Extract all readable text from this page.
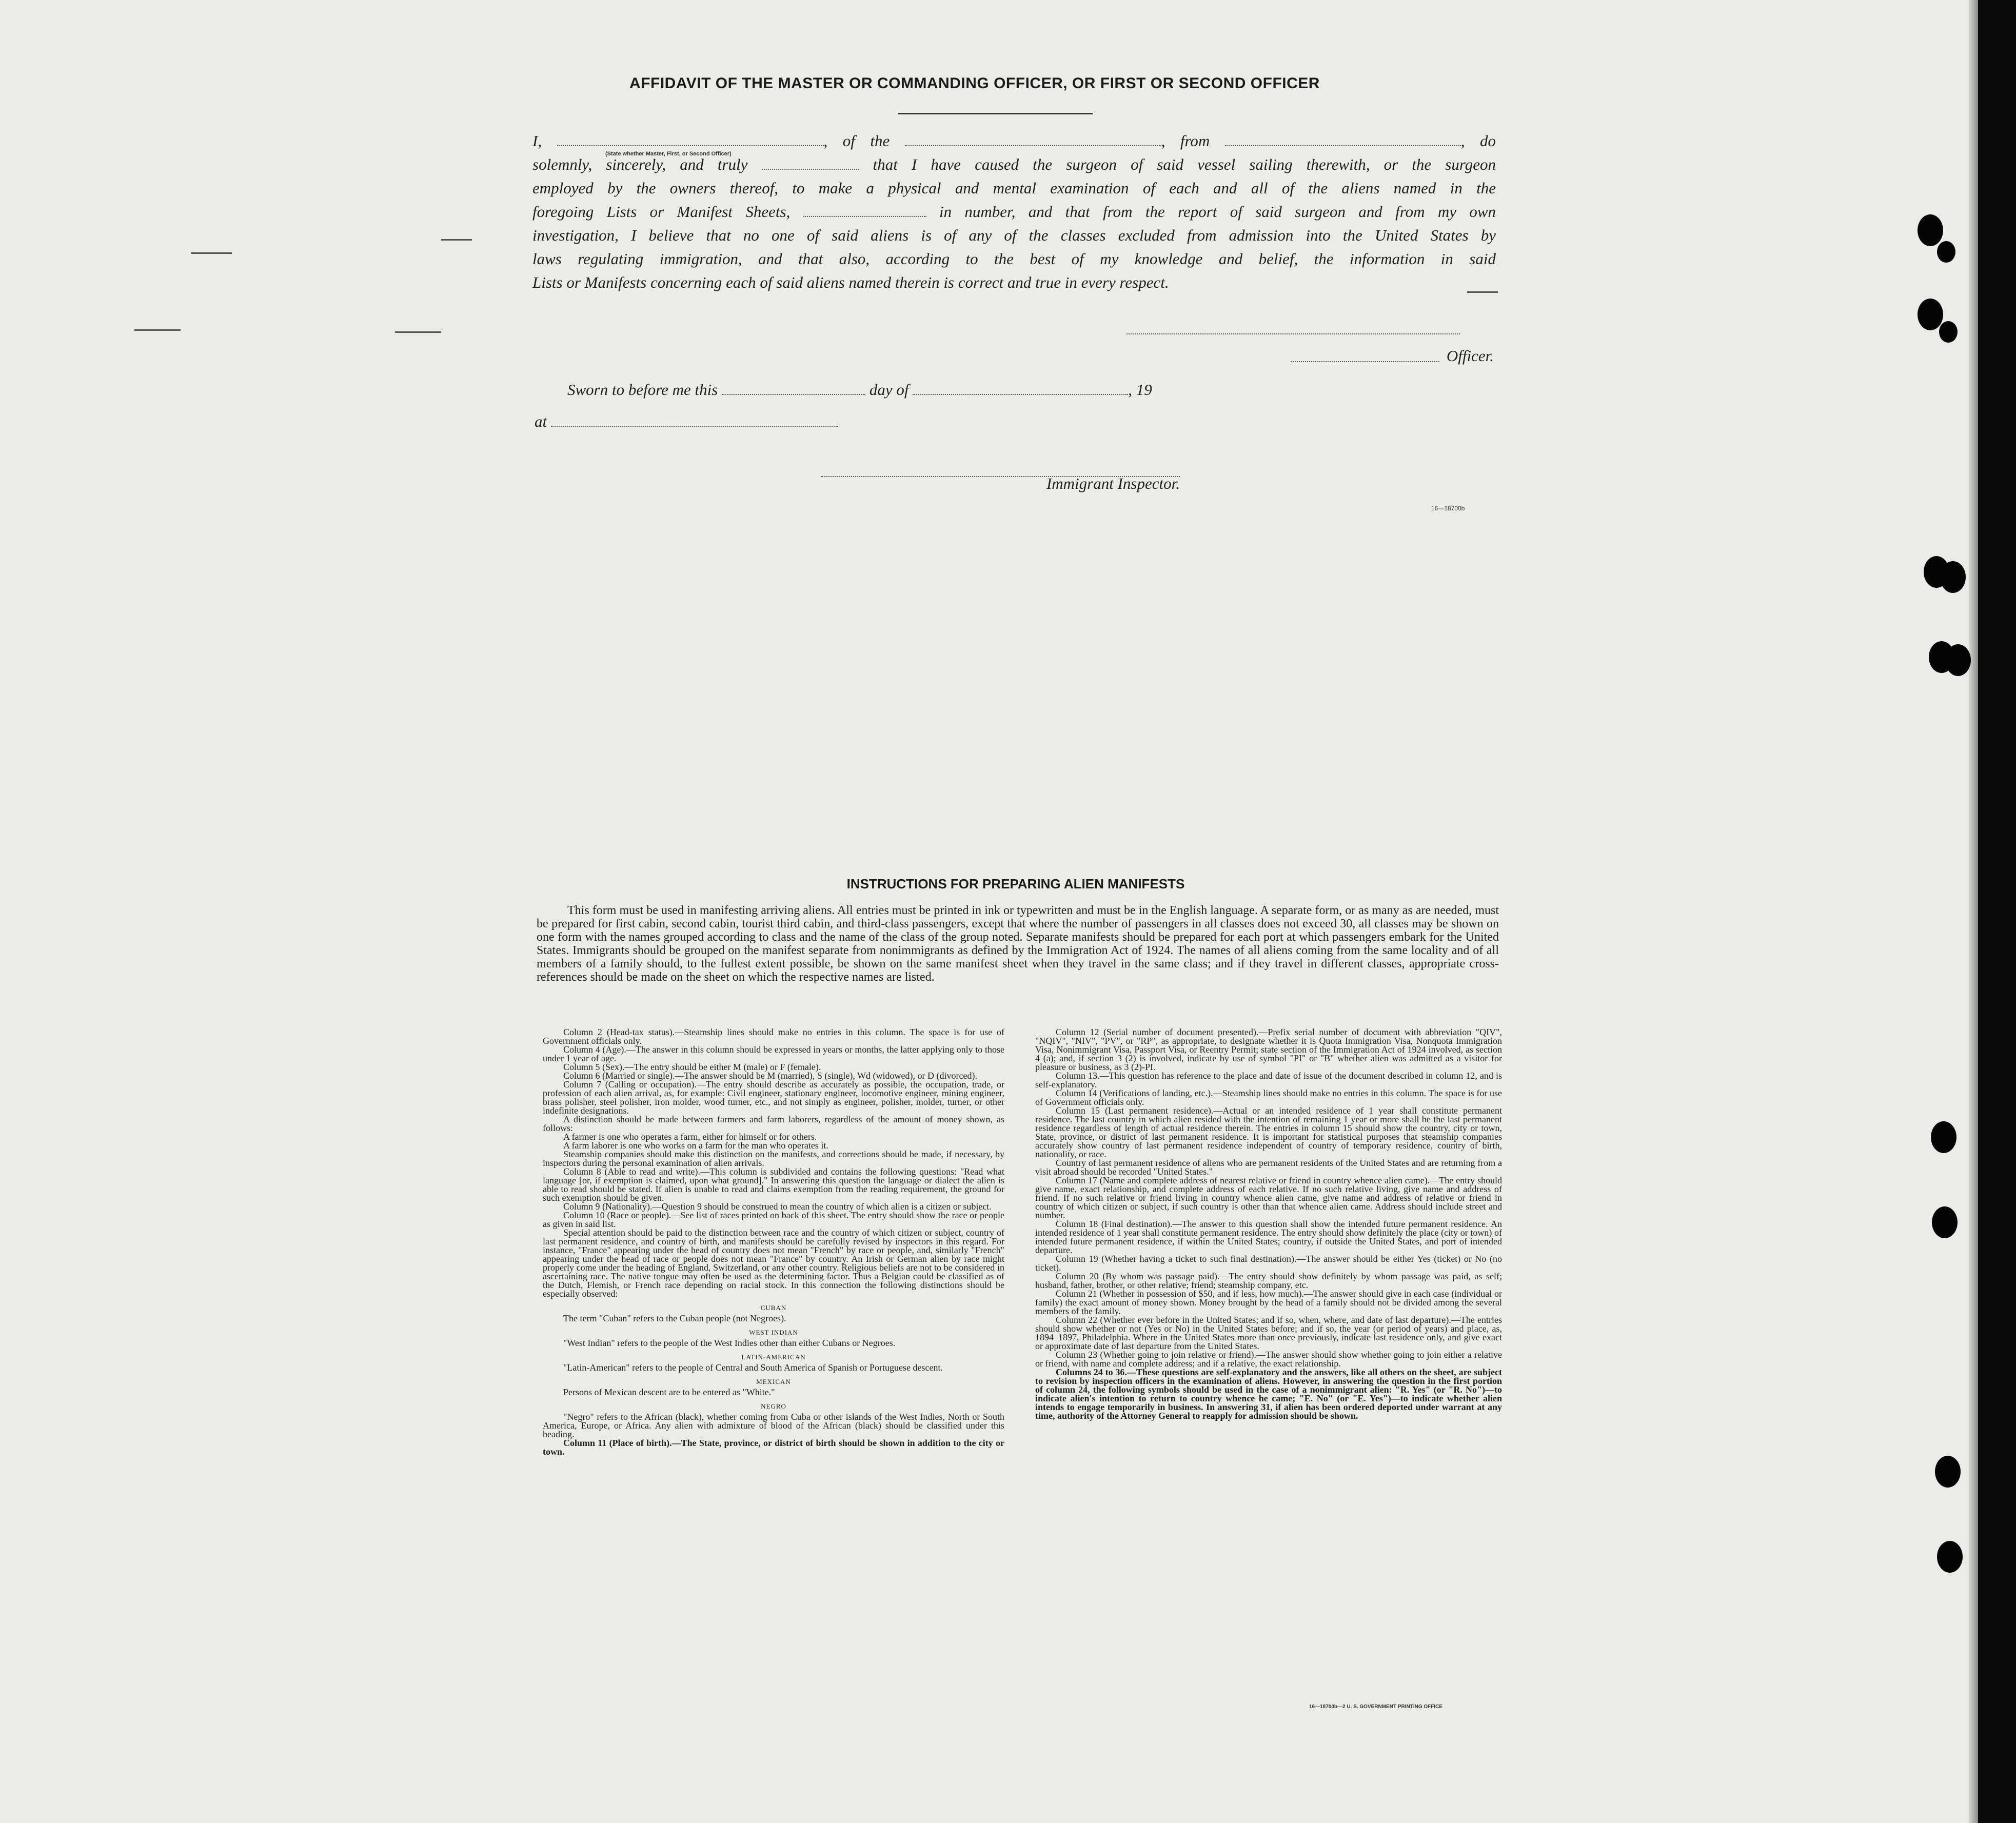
AFFIDAVIT OF THE MASTER OR COMMANDING OFFICER, OR FIRST OR SECOND OFFICER
I,	, of the	, from	, do
solemnly, sincerely, and truly	that I have caused the surgeon of said vessel sailing therewith, or the surgeon
employed by the owners thereof, to make a physical and mental examination of each and all of the aliens named in the
foregoing Lists or Manifest Sheets,	in number, and that from the report of said surgeon and from my own
investigation, I believe that no one of said aliens is of any of the classes excluded from admission into the United States by
laws regulating immigration, and that also, according to the best of my knowledge and belief, the information in said
Lists or Manifests concerning each of said aliens named therein is correct and true in every respect.
(State whether Master, First, or Second Officer)
Officer.
Sworn to before me this	day of	, 19
at
Immigrant Inspector.
16—18700b
INSTRUCTIONS FOR PREPARING ALIEN MANIFESTS
This form must be used in manifesting arriving aliens. All entries must be printed in ink or typewritten and must be in the English language. A separate form, or as many as are needed, must be prepared for first cabin, second cabin, tourist third cabin, and third-class passengers, except that where the number of passengers in all classes does not exceed 30, all classes may be shown on one form with the names grouped according to class and the name of the class of the group noted. Separate manifests should be prepared for each port at which passengers embark for the United States. Immigrants should be grouped on the manifest separate from nonimmigrants as defined by the Immigration Act of 1924. The names of all aliens coming from the same locality and of all members of a family should, to the fullest extent possible, be shown on the same manifest sheet when they travel in the same class; and if they travel in different classes, appropriate cross-references should be made on the sheet on which the respective names are listed.

Column 2 (Head-tax status).—Steamship lines should make no entries in this column. The space is for use of Government officials only.

Column 4 (Age).—The answer in this column should be expressed in years or months, the latter applying only to those under 1 year of age.

Column 5 (Sex).—The entry should be either M (male) or F (female).

Column 6 (Married or single).—The answer should be M (married), S (single), Wd (widowed), or D (divorced).

Column 7 (Calling or occupation).—The entry should describe as accurately as possible, the occupation, trade, or profession of each alien arrival, as, for example: Civil engineer, stationary engineer, locomotive engineer, mining engineer, brass polisher, steel polisher, iron molder, wood turner, etc., and not simply as engineer, polisher, molder, turner, or other indefinite designations.

A distinction should be made between farmers and farm laborers, regardless of the amount of money shown, as follows:

A farmer is one who operates a farm, either for himself or for others.

A farm laborer is one who works on a farm for the man who operates it.

Steamship companies should make this distinction on the manifests, and corrections should be made, if necessary, by inspectors during the personal examination of alien arrivals.

Column 8 (Able to read and write).—This column is subdivided and contains the following questions: "Read what language [or, if exemption is claimed, upon what ground]." In answering this question the language or dialect the alien is able to read should be stated. If alien is unable to read and claims exemption from the reading requirement, the ground for such exemption should be given.

Column 9 (Nationality).—Question 9 should be construed to mean the country of which alien is a citizen or subject.

Column 10 (Race or people).—See list of races printed on back of this sheet. The entry should show the race or people as given in said list.

Special attention should be paid to the distinction between race and the country of which citizen or subject, country of last permanent residence, and country of birth, and manifests should be carefully revised by inspectors in this regard. For instance, "France" appearing under the head of country does not mean "French" by race or people, and, similarly "French" appearing under the head of race or people does not mean "France" by country. An Irish or German alien by race might properly come under the heading of England, Switzerland, or any other country. Religious beliefs are not to be considered in ascertaining race. The native tongue may often be used as the determining factor. Thus a Belgian could be classified as of the Dutch, Flemish, or French race depending on racial stock. In this connection the following distinctions should be especially observed:

CUBAN

The term "Cuban" refers to the Cuban people (not Negroes).

WEST INDIAN

"West Indian" refers to the people of the West Indies other than either Cubans or Negroes.

LATIN-AMERICAN

"Latin-American" refers to the people of Central and South America of Spanish or Portuguese descent.

MEXICAN

Persons of Mexican descent are to be entered as "White."

NEGRO

"Negro" refers to the African (black), whether coming from Cuba or other islands of the West Indies, North or South America, Europe, or Africa. Any alien with admixture of blood of the African (black) should be classified under this heading.

Column 11 (Place of birth).—The State, province, or district of birth should be shown in addition to the city or town.

Column 12 (Serial number of document presented).—Prefix serial number of document with abbreviation "QIV", "NQIV", "NIV", "PV", or "RP", as appropriate, to designate whether it is Quota Immigration Visa, Nonquota Immigration Visa, Nonimmigrant Visa, Passport Visa, or Reentry Permit; state section of the Immigration Act of 1924 involved, as section 4 (a); and, if section 3 (2) is involved, indicate by use of symbol "PI" or "B" whether alien was admitted as a visitor for pleasure or business, as 3 (2)-PI.

Column 13.—This question has reference to the place and date of issue of the document described in column 12, and is self-explanatory.

Column 14 (Verifications of landing, etc.).—Steamship lines should make no entries in this column. The space is for use of Government officials only.

Column 15 (Last permanent residence).—Actual or an intended residence of 1 year shall constitute permanent residence. The last country in which alien resided with the intention of remaining 1 year or more shall be the last permanent residence regardless of length of actual residence therein. The entries in column 15 should show the country, city or town, State, province, or district of last permanent residence. It is important for statistical purposes that steamship companies accurately show country of last permanent residence independent of country of temporary residence, country of birth, nationality, or race.

Country of last permanent residence of aliens who are permanent residents of the United States and are returning from a visit abroad should be recorded "United States."

Column 17 (Name and complete address of nearest relative or friend in country whence alien came).—The entry should give name, exact relationship, and complete address of each relative. If no such relative living, give name and address of friend. If no such relative or friend living in country whence alien came, give name and address of relative or friend in country of which citizen or subject, if such country is other than that whence alien came. Address should include street and number.

Column 18 (Final destination).—The answer to this question shall show the intended future permanent residence. An intended residence of 1 year shall constitute permanent residence. The entry should show definitely the place (city or town) of intended future permanent residence, if within the United States; country, if outside the United States, and port of intended departure.

Column 19 (Whether having a ticket to such final destination).—The answer should be either Yes (ticket) or No (no ticket).

Column 20 (By whom was passage paid).—The entry should show definitely by whom passage was paid, as self; husband, father, brother, or other relative; friend; steamship company, etc.

Column 21 (Whether in possession of $50, and if less, how much).—The answer should give in each case (individual or family) the exact amount of money shown. Money brought by the head of a family should not be divided among the several members of the family.

Column 22 (Whether ever before in the United States; and if so, when, where, and date of last departure).—The entries should show whether or not (Yes or No) in the United States before; and if so, the year (or period of years) and place, as, 1894–1897, Philadelphia. Where in the United States more than once previously, indicate last residence only, and give exact or approximate date of last departure from the United States.

Column 23 (Whether going to join relative or friend).—The answer should show whether going to join either a relative or friend, with name and complete address; and if a relative, the exact relationship.

Columns 24 to 36.—These questions are self-explanatory and the answers, like all others on the sheet, are subject to revision by inspection officers in the examination of aliens. However, in answering the question in the first portion of column 24, the following symbols should be used in the case of a nonimmigrant alien: "R. Yes" (or "R. No")—to indicate alien's intention to return to country whence he came; "E. No" (or "E. Yes")—to indicate whether alien intends to engage temporarily in business. In answering 31, if alien has been ordered deported under warrant at any time, authority of the Attorney General to reapply for admission should be shown.

16—18700b—2 U. S. GOVERNMENT PRINTING OFFICE
